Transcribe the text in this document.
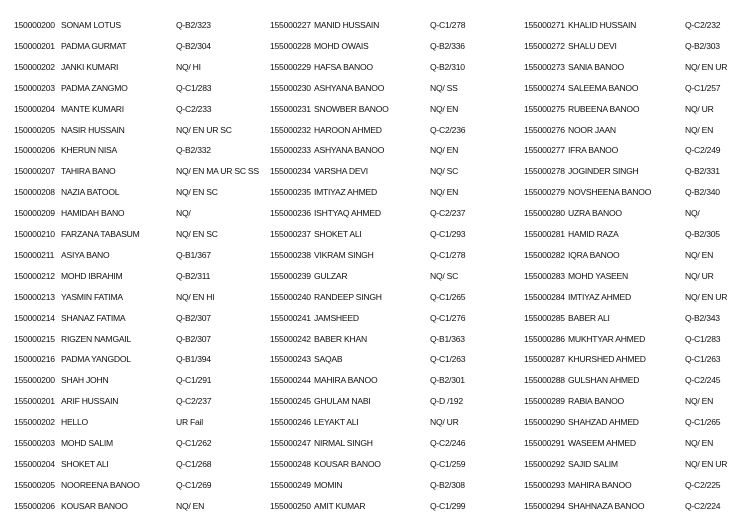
150000200 SONAM LOTUS	Q-B2/323	155000227 MANID HUSSAIN	Q-C1/278	155000271 KHALID HUSSAIN	Q-C2/232
150000201 PADMA GURMAT	Q-B2/304	155000228 MOHD OWAIS	Q-B2/336	155000272 SHALU DEVI	Q-B2/303
150000202 JANKI KUMARI	NQ/ HI	155000229 HAFSA BANOO	Q-B2/310	155000273 SANIA BANOO	NQ/ EN UR
150000203 PADMA ZANGMO	Q-C1/283	155000230 ASHYANA BANOO	NQ/ SS	155000274 SALEEMA BANOO	Q-C1/257
150000204 MANTE KUMARI	Q-C2/233	155000231 SNOWBER BANOO	NQ/ EN	155000275 RUBEENA BANOO	NQ/ UR
150000205 NASIR HUSSAIN	NQ/ EN UR SC	155000232 HAROON AHMED	Q-C2/236	155000276 NOOR JAAN	NQ/ EN
150000206 KHERUN NISA	Q-B2/332	155000233 ASHYANA BANOO	NQ/ EN	155000277 IFRA BANOO	Q-C2/249
150000207 TAHIRA BANO	NQ/ EN MA UR SC SS	155000234 VARSHA DEVI	NQ/ SC	155000278 JOGINDER SINGH	Q-B2/331
150000208 NAZIA BATOOL	NQ/ EN SC	155000235 IMTIYAZ AHMED	NQ/ EN	155000279 NOVSHEENA BANOO	Q-B2/340
150000209 HAMIDAH BANO	NQ/	155000236 ISHTYAQ AHMED	Q-C2/237	155000280 UZRA BANOO	NQ/
150000210 FARZANA TABASUM	NQ/ EN SC	155000237 SHOKET ALI	Q-C1/293	155000281 HAMID RAZA	Q-B2/305
150000211 ASIYA BANO	Q-B1/367	155000238 VIKRAM SINGH	Q-C1/278	155000282 IQRA BANOO	NQ/ EN
150000212 MOHD IBRAHIM	Q-B2/311	155000239 GULZAR	NQ/ SC	155000283 MOHD YASEEN	NQ/ UR
150000213 YASMIN FATIMA	NQ/ EN HI	155000240 RANDEEP SINGH	Q-C1/265	155000284 IMTIYAZ AHMED	NQ/ EN UR
150000214 SHANAZ FATIMA	Q-B2/307	155000241 JAMSHEED	Q-C1/276	155000285 BABER ALI	Q-B2/343
150000215 RIGZEN NAMGAIL	Q-B2/307	155000242 BABER KHAN	Q-B1/363	155000286 MUKHTYAR AHMED	Q-C1/283
150000216 PADMA YANGDOL	Q-B1/394	155000243 SAQAB	Q-C1/263	155000287 KHURSHED AHMED	Q-C1/263
155000200 SHAH JOHN	Q-C1/291	155000244 MAHIRA BANOO	Q-B2/301	155000288 GULSHAN AHMED	Q-C2/245
155000201 ARIF HUSSAIN	Q-C2/237	155000245 GHULAM NABI	Q-D /192	155000289 RABIA BANOO	NQ/ EN
155000202 HELLO	UR Fail	155000246 LEYAKT ALI	NQ/ UR	155000290 SHAHZAD AHMED	Q-C1/265
155000203 MOHD SALIM	Q-C1/262	155000247 NIRMAL SINGH	Q-C2/246	155000291 WASEEM AHMED	NQ/ EN
155000204 SHOKET ALI	Q-C1/268	155000248 KOUSAR BANOO	Q-C1/259	155000292 SAJID SALIM	NQ/ EN UR
155000205 NOOREENA BANOO	Q-C1/269	155000249 MOMIN	Q-B2/308	155000293 MAHIRA BANOO	Q-C2/225
155000206 KOUSAR BANOO	NQ/ EN	155000250 AMIT KUMAR	Q-C1/299	155000294 SHAHNAZA BANOO	Q-C2/224
